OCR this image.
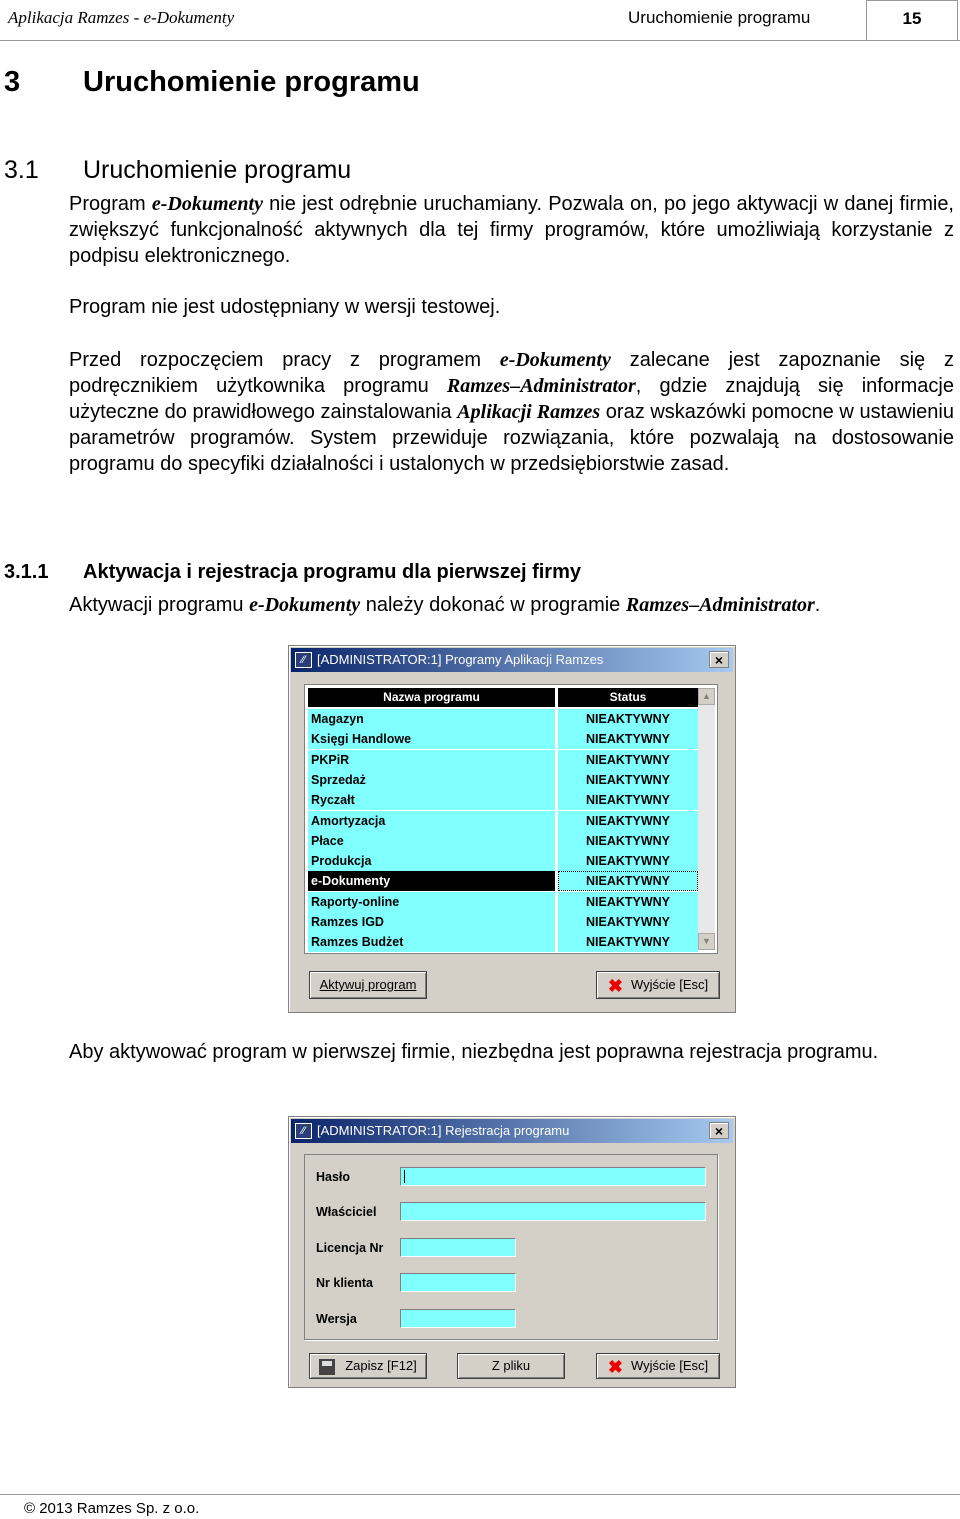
Aplikacja Ramzes - e-Dokumenty	Uruchomienie programu	15
3 Uruchomienie programu
3.1 Uruchomienie programu
Program e-Dokumenty nie jest odrębnie uruchamiany. Pozwala on, po jego aktywacji w danej firmie, zwiększyć funkcjonalność aktywnych dla tej firmy programów, które umożliwiają korzystanie z podpisu elektronicznego.
Program nie jest udostępniany w wersji testowej.
Przed rozpoczęciem pracy z programem e-Dokumenty zalecane jest zapoznanie się z podręcznikiem użytkownika programu Ramzes–Administrator, gdzie znajdują się informacje użyteczne do prawidłowego zainstalowania Aplikacji Ramzes oraz wskazówki pomocne w ustawieniu parametrów programów. System przewiduje rozwiązania, które pozwalają na dostosowanie programu do specyfiki działalności i ustalonych w przedsiębiorstwie zasad.
3.1.1 Aktywacja i rejestracja programu dla pierwszej firmy
Aktywacji programu e-Dokumenty należy dokonać w programie Ramzes–Administrator.
⁄⁄ [ADMINISTRATOR:1] Programy Aplikacji Ramzes	×
Nazwa programu	Status
Magazyn	NIEAKTYWNY
Księgi Handlowe	NIEAKTYWNY
PKPiR	NIEAKTYWNY
Sprzedaż	NIEAKTYWNY
Ryczałt	NIEAKTYWNY
Amortyzacja	NIEAKTYWNY
Płace	NIEAKTYWNY
Produkcja	NIEAKTYWNY
e-Dokumenty	NIEAKTYWNY
Raporty-online	NIEAKTYWNY
Ramzes IGD	NIEAKTYWNY
Ramzes Budżet	NIEAKTYWNY
▲
▼
Aktywuj program	✖ Wyjście [Esc]
Aby aktywować program w pierwszej firmie, niezbędna jest poprawna rejestracja programu.
⁄⁄ [ADMINISTRATOR:1] Rejestracja programu	×
Hasło
Właściciel
Licencja Nr
Nr klienta
Wersja
Zapisz [F12]	Z pliku	✖ Wyjście [Esc]
© 2013 Ramzes Sp. z o.o.
